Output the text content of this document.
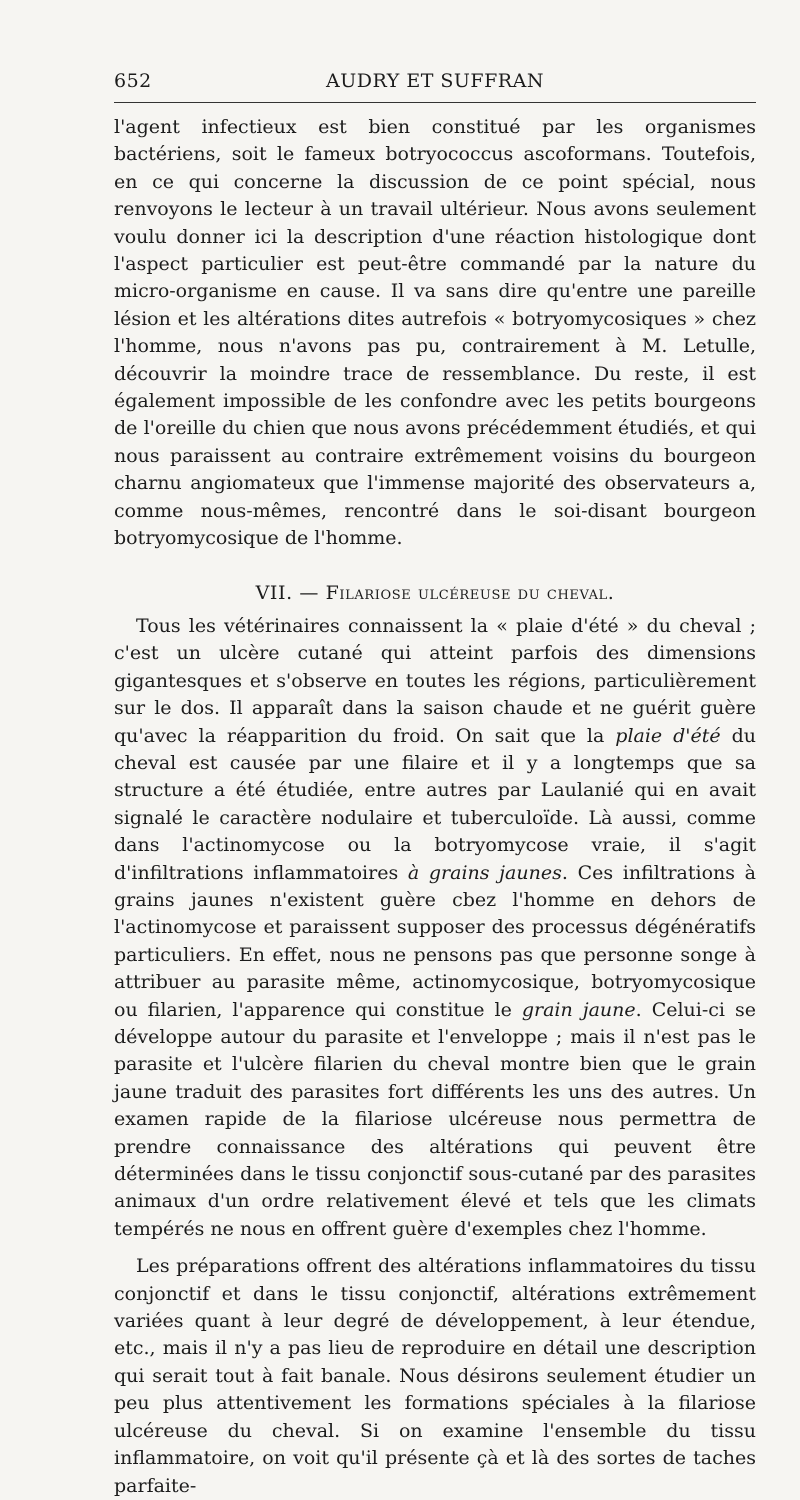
652	AUDRY ET SUFFRAN

l'agent infectieux est bien constitué par les organismes bactériens, soit le fameux botryococcus ascoformans. Toutefois, en ce qui concerne la discussion de ce point spécial, nous renvoyons le lecteur à un travail ultérieur. Nous avons seulement voulu donner ici la description d'une réaction histologique dont l'aspect particulier est peut-être commandé par la nature du micro-organisme en cause. Il va sans dire qu'entre une pareille lésion et les altérations dites autrefois « botryomycosiques » chez l'homme, nous n'avons pas pu, contrairement à M. Letulle, découvrir la moindre trace de ressemblance. Du reste, il est également impossible de les confondre avec les petits bourgeons de l'oreille du chien que nous avons précédemment étudiés, et qui nous paraissent au contraire extrêmement voisins du bourgeon charnu angiomateux que l'immense majorité des observateurs a, comme nous-mêmes, rencontré dans le soi-disant bourgeon botryomycosique de l'homme.

VII. — Filariose ulcéreuse du cheval.

Tous les vétérinaires connaissent la « plaie d'été » du cheval ; c'est un ulcère cutané qui atteint parfois des dimensions gigantesques et s'observe en toutes les régions, particulièrement sur le dos. Il apparaît dans la saison chaude et ne guérit guère qu'avec la réapparition du froid. On sait que la plaie d'été du cheval est causée par une filaire et il y a longtemps que sa structure a été étudiée, entre autres par Laulanié qui en avait signalé le caractère nodulaire et tuberculoïde. Là aussi, comme dans l'actinomycose ou la botryomycose vraie, il s'agit d'infiltrations inflammatoires à grains jaunes. Ces infiltrations à grains jaunes n'existent guère cbez l'homme en dehors de l'actinomycose et paraissent supposer des processus dégénératifs particuliers. En effet, nous ne pensons pas que personne songe à attribuer au parasite même, actinomycosique, botryomycosique ou filarien, l'apparence qui constitue le grain jaune. Celui-ci se développe autour du parasite et l'enveloppe ; mais il n'est pas le parasite et l'ulcère filarien du cheval montre bien que le grain jaune traduit des parasites fort différents les uns des autres. Un examen rapide de la filariose ulcéreuse nous permettra de prendre connaissance des altérations qui peuvent être déterminées dans le tissu conjonctif sous-cutané par des parasites animaux d'un ordre relativement élevé et tels que les climats tempérés ne nous en offrent guère d'exemples chez l'homme.

Les préparations offrent des altérations inflammatoires du tissu conjonctif et dans le tissu conjonctif, altérations extrêmement variées quant à leur degré de développement, à leur étendue, etc., mais il n'y a pas lieu de reproduire en détail une description qui serait tout à fait banale. Nous désirons seulement étudier un peu plus attentivement les formations spéciales à la filariose ulcéreuse du cheval. Si on examine l'ensemble du tissu inflammatoire, on voit qu'il présente çà et là des sortes de taches parfaite-
